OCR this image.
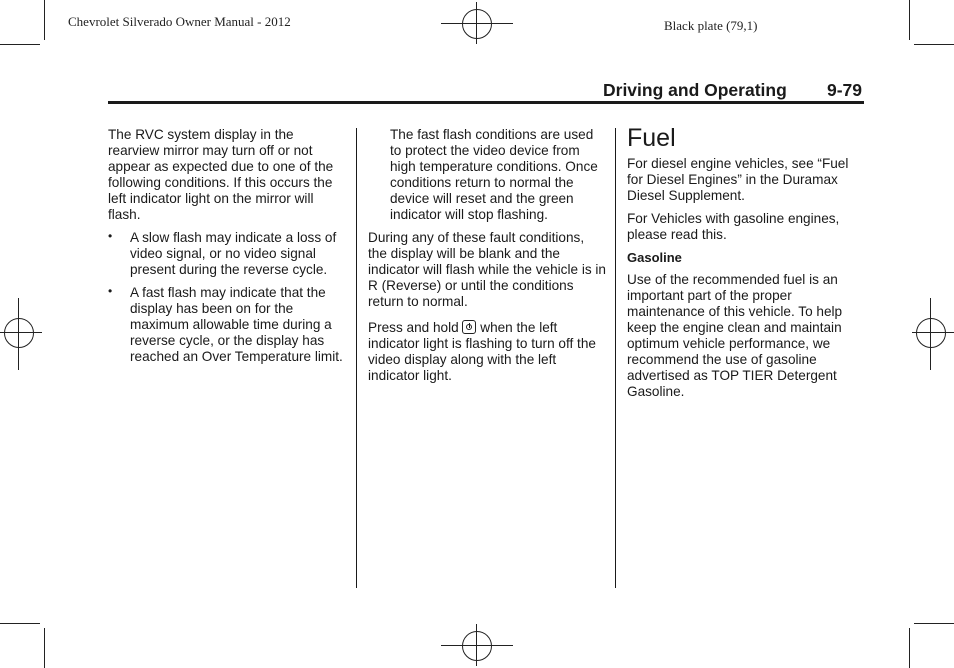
Chevrolet Silverado Owner Manual - 2012	Black plate (79,1)
Driving and Operating 9-79

The RVC system display in the rearview mirror may turn off or not appear as expected due to one of the following conditions. If this occurs the left indicator light on the mirror will flash.

• A slow flash may indicate a loss of video signal, or no video signal present during the reverse cycle.
• A fast flash may indicate that the display has been on for the maximum allowable time during a reverse cycle, or the display has reached an Over Temperature limit.

The fast flash conditions are used to protect the video device from high temperature conditions. Once conditions return to normal the device will reset and the green indicator will stop flashing.

During any of these fault conditions, the display will be blank and the indicator will flash while the vehicle is in R (Reverse) or until the conditions return to normal.

Press and hold  when the left indicator light is flashing to turn off the video display along with the left indicator light.

Fuel

For diesel engine vehicles, see “Fuel for Diesel Engines” in the Duramax Diesel Supplement.

For Vehicles with gasoline engines, please read this.

Gasoline

Use of the recommended fuel is an important part of the proper maintenance of this vehicle. To help keep the engine clean and maintain optimum vehicle performance, we recommend the use of gasoline advertised as TOP TIER Detergent Gasoline.
